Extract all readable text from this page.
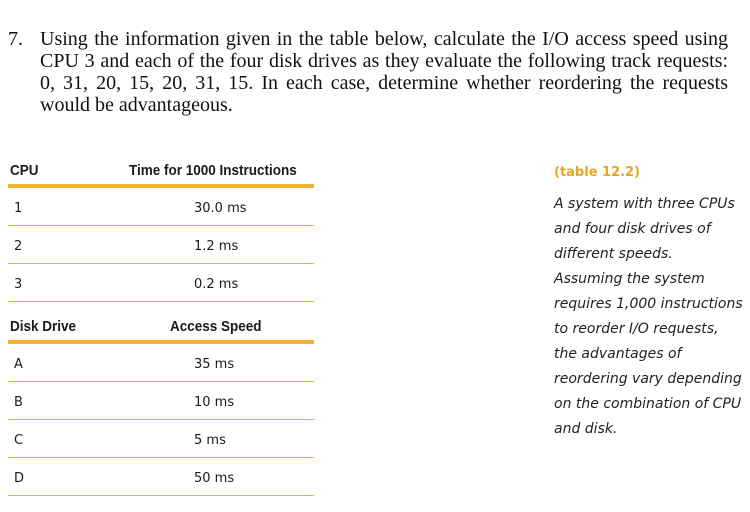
7. Using the information given in the table below, calculate the I/O access speed using CPU 3 and each of the four disk drives as they evaluate the following track requests: 0, 31, 20, 15, 20, 31, 15. In each case, determine whether reordering the requests would be advantageous.
CPU	Time for 1000 Instructions
1	30.0 ms
2	1.2 ms
3	0.2 ms
Disk Drive	Access Speed
A	35 ms
B	10 ms
C	5 ms
D	50 ms
(table 12.2)
A system with three CPUs
and four disk drives of
different speeds.
Assuming the system
requires 1,000 instructions
to reorder I/O requests,
the advantages of
reordering vary depending
on the combination of CPU
and disk.
